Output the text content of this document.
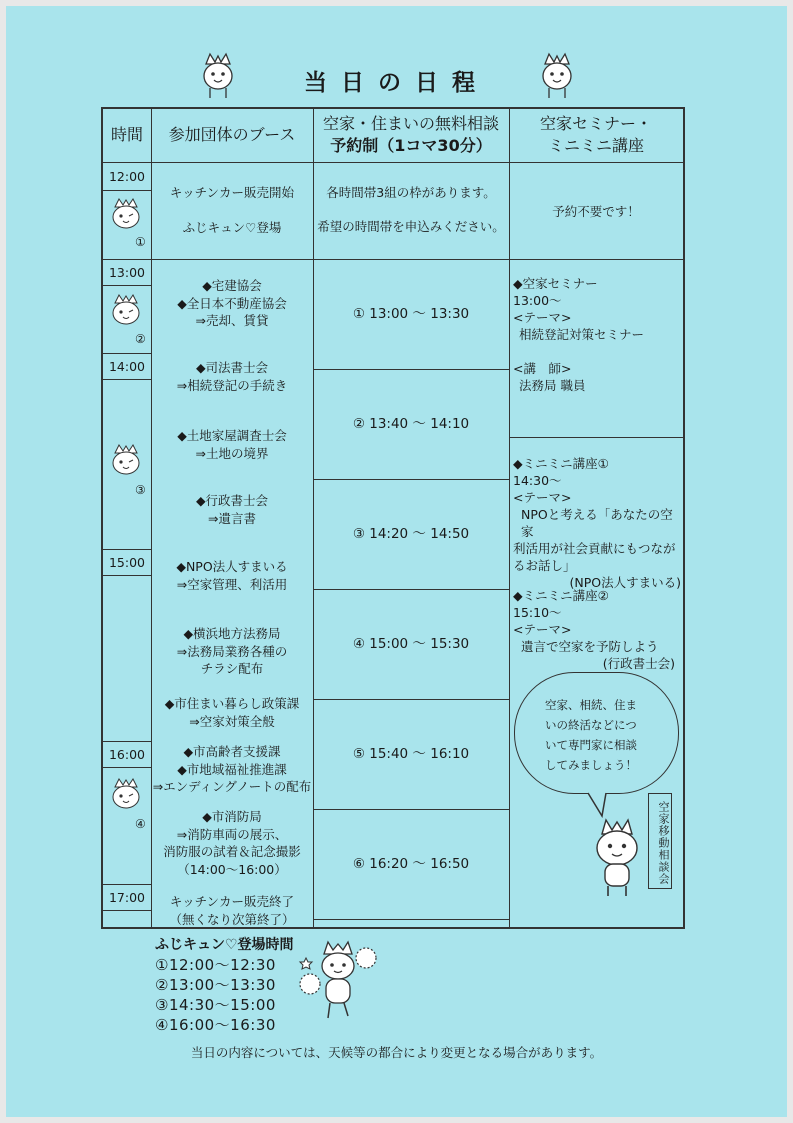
当日の日程
時間	参加団体のブース
空家・住まいの無料相談
予約制（1コマ30分）
空家セミナー・
ミニミニ講座
12:00
13:00
14:00
15:00
16:00
17:00
①
②
③
④
キッチンカー販売開始
ふじキュン♡登場
◆宅建協会
◆全日本不動産協会
⇒売却、賃貸
◆司法書士会
⇒相続登記の手続き
◆土地家屋調査士会
⇒土地の境界
◆行政書士会
⇒遺言書
◆NPO法人すまいる
⇒空家管理、利活用
◆横浜地方法務局
⇒法務局業務各種の
チラシ配布
◆市住まい暮らし政策課
⇒空家対策全般
◆市高齢者支援課
◆市地域福祉推進課
⇒エンディングノートの配布
◆市消防局
⇒消防車両の展示、
消防服の試着＆記念撮影
（14:00～16:00）
キッチンカー販売終了
（無くなり次第終了）
各時間帯3組の枠があります。
希望の時間帯を申込みください。
① 13:00 ～ 13:30
② 13:40 ～ 14:10
③ 14:20 ～ 14:50
④ 15:00 ～ 15:30
⑤ 15:40 ～ 16:10
⑥ 16:20 ～ 16:50
予約不要です！
◆空家セミナー
13:00～
<テーマ>
相続登記対策セミナー
<講　師>
法務局 職員
◆ミニミニ講座①
14:30～
<テーマ>
NPOと考える「あなたの空家
利活用が社会貢献にもつなが
るお話し」
(NPO法人すまいる)
◆ミニミニ講座②
15:10～
<テーマ>
遺言で空家を予防しよう
(行政書士会)
空家、相続、住ま
いの終活などにつ
いて専門家に相談
してみましょう！
空家移動相談会
ふじキュン♡登場時間
①12:00～12:30
②13:00～13:30
③14:30～15:00
④16:00～16:30
当日の内容については、天候等の都合により変更となる場合があります。
